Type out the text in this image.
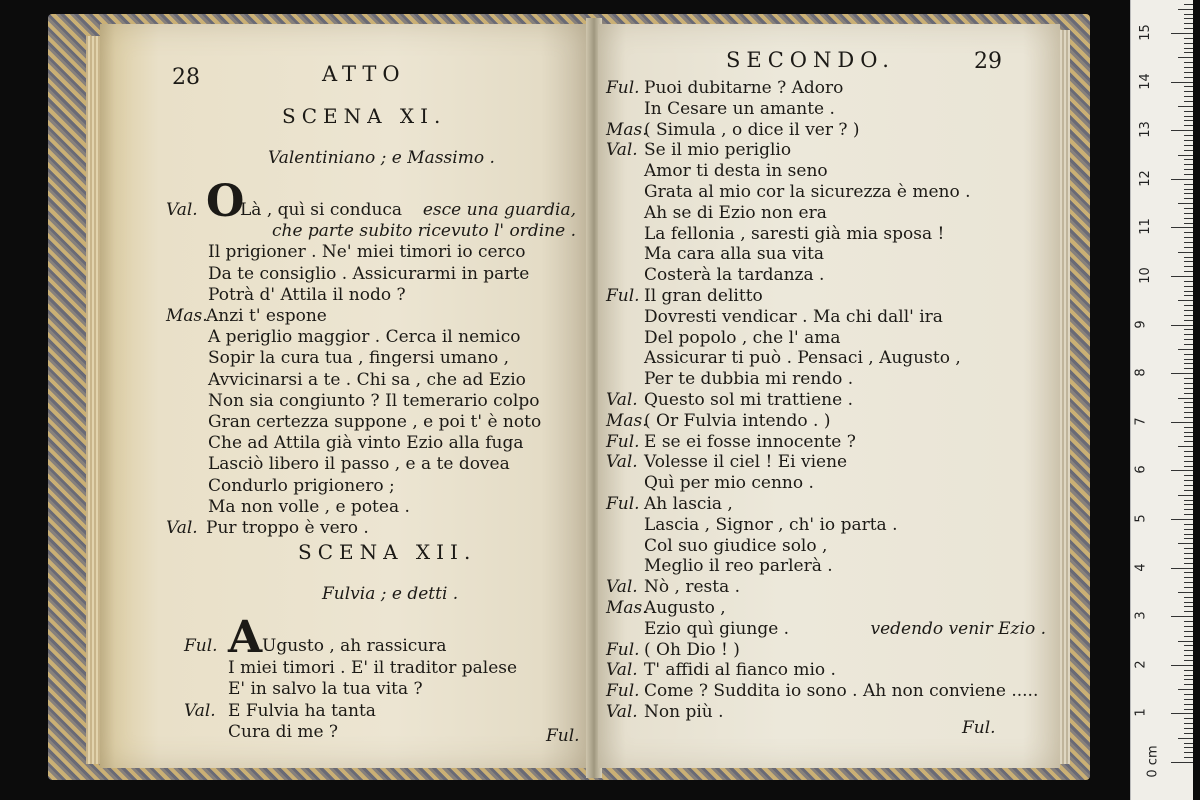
28	ATTO
SCENA XI.
Valentiniano ; e Massimo .
Val. O
Là , quì si conduca esce una guardia,
che parte subito ricevuto l' ordine .
Il prigioner . Ne' miei timori io cerco
Da te consiglio . Assicurarmi in parte
Potrà d' Attila il nodo ?
Mas.
Anzi t' espone
A periglio maggior . Cerca il nemico
Sopir la cura tua , fingersi umano ,
Avvicinarsi a te . Chi sa , che ad Ezio
Non sia congiunto ? Il temerario colpo
Gran certezza suppone , e poi t' è noto
Che ad Attila già vinto Ezio alla fuga
Lasciò libero il passo , e a te dovea
Condurlo prigionero ;
Ma non volle , e potea .
Val. Pur troppo è vero .
SCENA XII.
Fulvia ; e detti .
Ful. A Ugusto , ah rassicura
I miei timori . E' il traditor palese
E' in salvo la tua vita ?
Val. E Fulvia ha tanta
Cura di me ?	Ful.
SECONDO.	29
Ful. Puoi dubitarne ? Adoro
In Cesare un amante .
Mas.
( Simula , o dice il ver ? )
Val. Se il mio periglio
Amor ti desta in seno
Grata al mio cor la sicurezza è meno .
Ah se di Ezio non era
La fellonia , saresti già mia sposa !
Ma cara alla sua vita
Costerà la tardanza .
Ful. Il gran delitto
Dovresti vendicar . Ma chi dall' ira
Del popolo , che l' ama
Assicurar ti può . Pensaci , Augusto ,
Per te dubbia mi rendo .
Val. Questo sol mi trattiene .
Mas.
( Or Fulvia intendo . )
Ful. E se ei fosse innocente ?
Val. Volesse il ciel ! Ei viene
Quì per mio cenno .
Ful. Ah lascia ,
Lascia , Signor , ch' io parta .
Col suo giudice solo ,
Meglio il reo parlerà .
Val. Nò , resta .
Mas.
Augusto ,
Ezio quì giunge .	vedendo venir Ezio .
Ful. ( Oh Dio ! )
Val. T' affidi al fianco mio .
Ful. Come ? Suddita io sono . Ah non conviene .....
Val. Non più .
Ful.
0 cm
1
2
3
4
5
6
7
8
9
10
11
12
13
14
15
